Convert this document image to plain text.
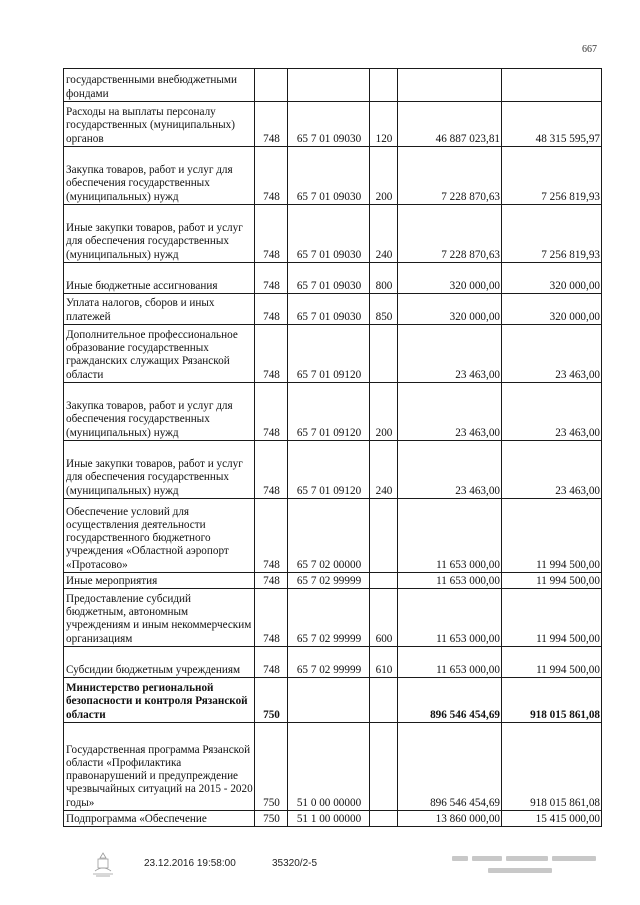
667
государственными внебюджетными фондами					
Расходы на выплаты персоналу государственных (муниципальных) органов	748	65 7 01 09030	120	46 887 023,81	48 315 595,97
Закупка товаров, работ и услуг для обеспечения государственных (муниципальных) нужд	748	65 7 01 09030	200	7 228 870,63	7 256 819,93
Иные закупки товаров, работ и услуг для обеспечения государственных (муниципальных) нужд	748	65 7 01 09030	240	7 228 870,63	7 256 819,93
Иные бюджетные ассигнования	748	65 7 01 09030	800	320 000,00	320 000,00
Уплата налогов, сборов и иных платежей	748	65 7 01 09030	850	320 000,00	320 000,00
Дополнительное профессиональное образование государственных гражданских служащих Рязанской области	748	65 7 01 09120		23 463,00	23 463,00
Закупка товаров, работ и услуг для обеспечения государственных (муниципальных) нужд	748	65 7 01 09120	200	23 463,00	23 463,00
Иные закупки товаров, работ и услуг для обеспечения государственных (муниципальных) нужд	748	65 7 01 09120	240	23 463,00	23 463,00
Обеспечение условий для осуществления деятельности государственного бюджетного учреждения «Областной аэропорт «Протасово»	748	65 7 02 00000		11 653 000,00	11 994 500,00
Иные мероприятия	748	65 7 02 99999		11 653 000,00	11 994 500,00
Предоставление субсидий бюджетным, автономным учреждениям и иным некоммерческим организациям	748	65 7 02 99999	600	11 653 000,00	11 994 500,00
Субсидии бюджетным учреждениям	748	65 7 02 99999	610	11 653 000,00	11 994 500,00
Министерство региональной безопасности и контроля Рязанской области	750			896 546 454,69	918 015 861,08
Государственная программа Рязанской области «Профилактика правонарушений и предупреждение чрезвычайных ситуаций на 2015 - 2020 годы»	750	51 0 00 00000		896 546 454,69	918 015 861,08
Подпрограмма «Обеспечение	750	51 1 00 00000		13 860 000,00	15 415 000,00
23.12.2016 19:58:00	35320/2-5
